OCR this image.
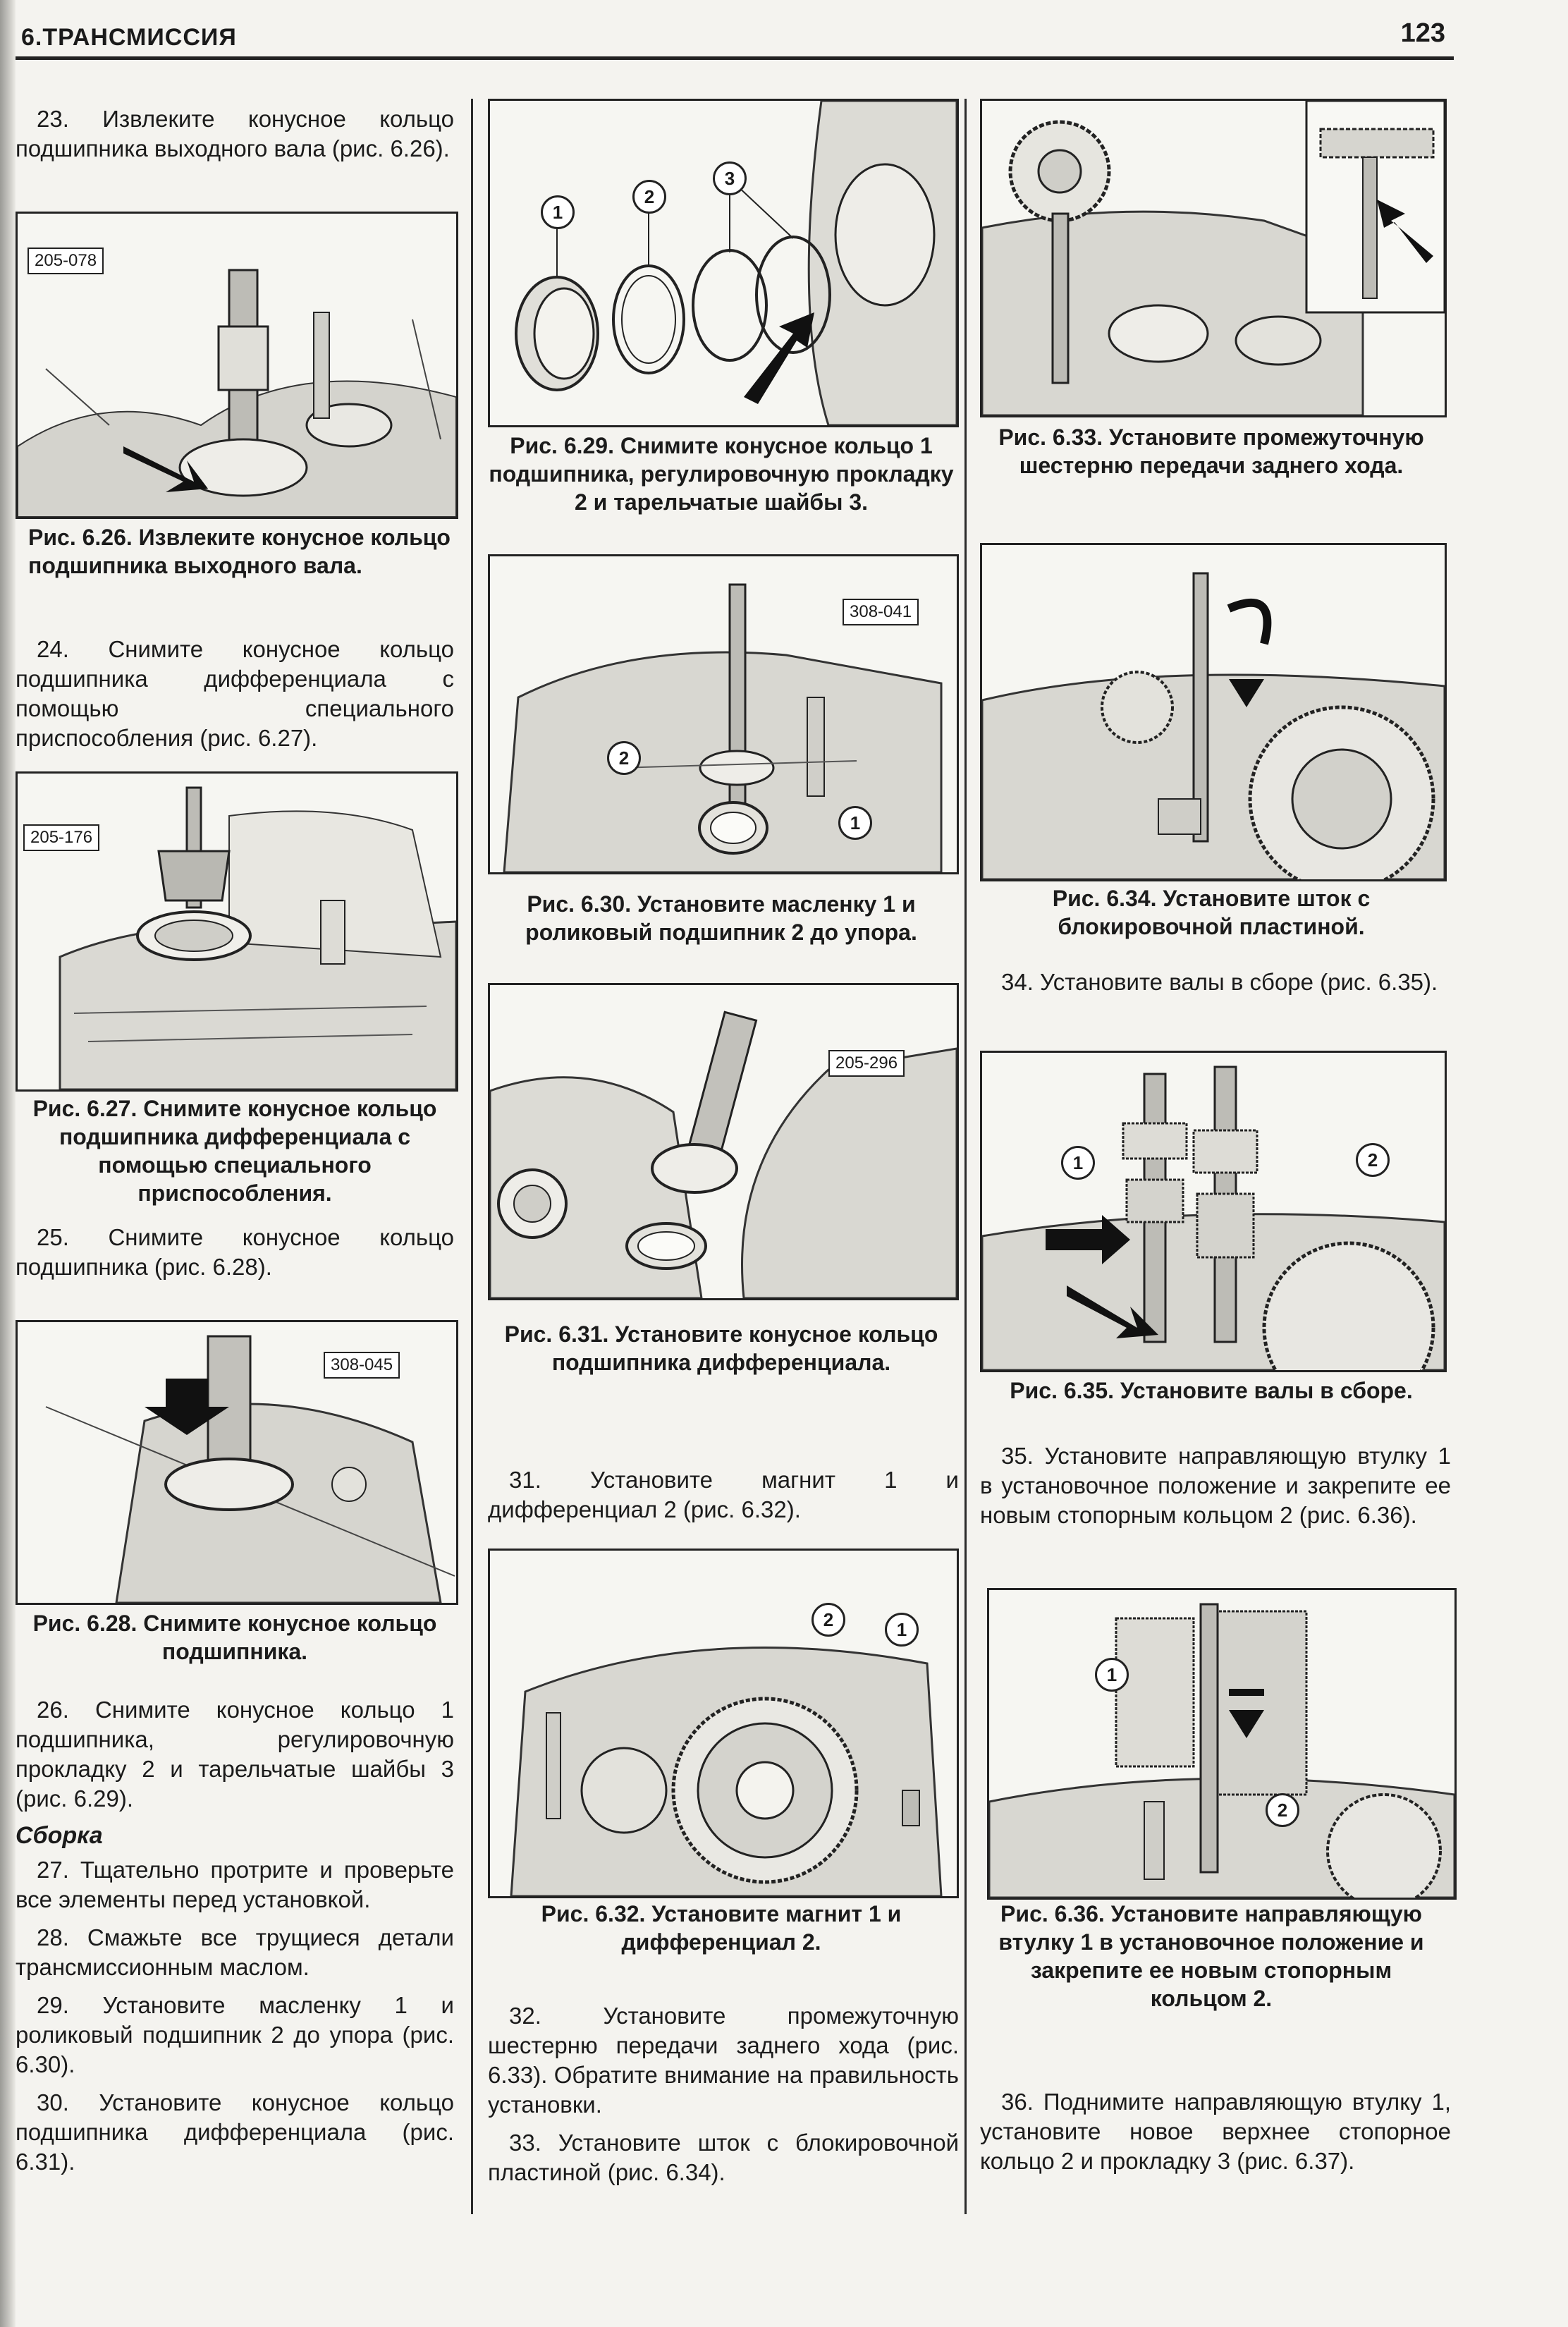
6.ТРАНСМИССИЯ	123

23. Извлеките конусное кольцо подшипника выходного вала (рис. 6.26).

205-078
Рис. 6.26. Извлеките конусное кольцо подшипника выходного вала.

24. Снимите конусное кольцо подшипника дифференциала с помощью специального приспособления (рис. 6.27).

205-176
Рис. 6.27. Снимите конусное кольцо подшипника дифференциала с помощью специального приспособления.

25. Снимите конусное кольцо подшипника (рис. 6.28).

308-045
Рис. 6.28. Снимите конусное кольцо подшипника.

26. Снимите конусное кольцо 1 подшипника, регулировочную прокладку 2 и тарельчатые шайбы 3 (рис. 6.29).

Сборка

27. Тщательно протрите и проверьте все элементы перед установкой.

28. Смажьте все трущиеся детали трансмиссионным маслом.

29. Установите масленку 1 и роликовый подшипник 2 до упора (рис. 6.30).

30. Установите конусное кольцо подшипника дифференциала (рис. 6.31).

1
2
3
Рис. 6.29. Снимите конусное кольцо 1 подшипника, регулировочную прокладку 2 и тарельчатые шайбы 3.
308-041
2
1
Рис. 6.30. Установите масленку 1 и роликовый подшипник 2 до упора.
205-296
Рис. 6.31. Установите конусное кольцо подшипника дифференциала.

31. Установите магнит 1 и дифференциал 2 (рис. 6.32).

2	1
Рис. 6.32. Установите магнит 1 и дифференциал 2.

32. Установите промежуточную шестерню передачи заднего хода (рис. 6.33). Обратите внимание на правильность установки.

33. Установите шток с блокировочной пластиной (рис. 6.34).

Рис. 6.33. Установите промежуточную шестерню передачи заднего хода.
Рис. 6.34. Установите шток с блокировочной пластиной.

34. Установите валы в сборе (рис. 6.35).

1	2
Рис. 6.35. Установите валы в сборе.

35. Установите направляющую втулку 1 в установочное положение и закрепите ее новым стопорным кольцом 2 (рис. 6.36).

1
2
Рис. 6.36. Установите направляющую втулку 1 в установочное положение и закрепите ее новым стопорным кольцом 2.

36. Поднимите направляющую втулку 1, установите новое верхнее стопорное кольцо 2 и прокладку 3 (рис. 6.37).
